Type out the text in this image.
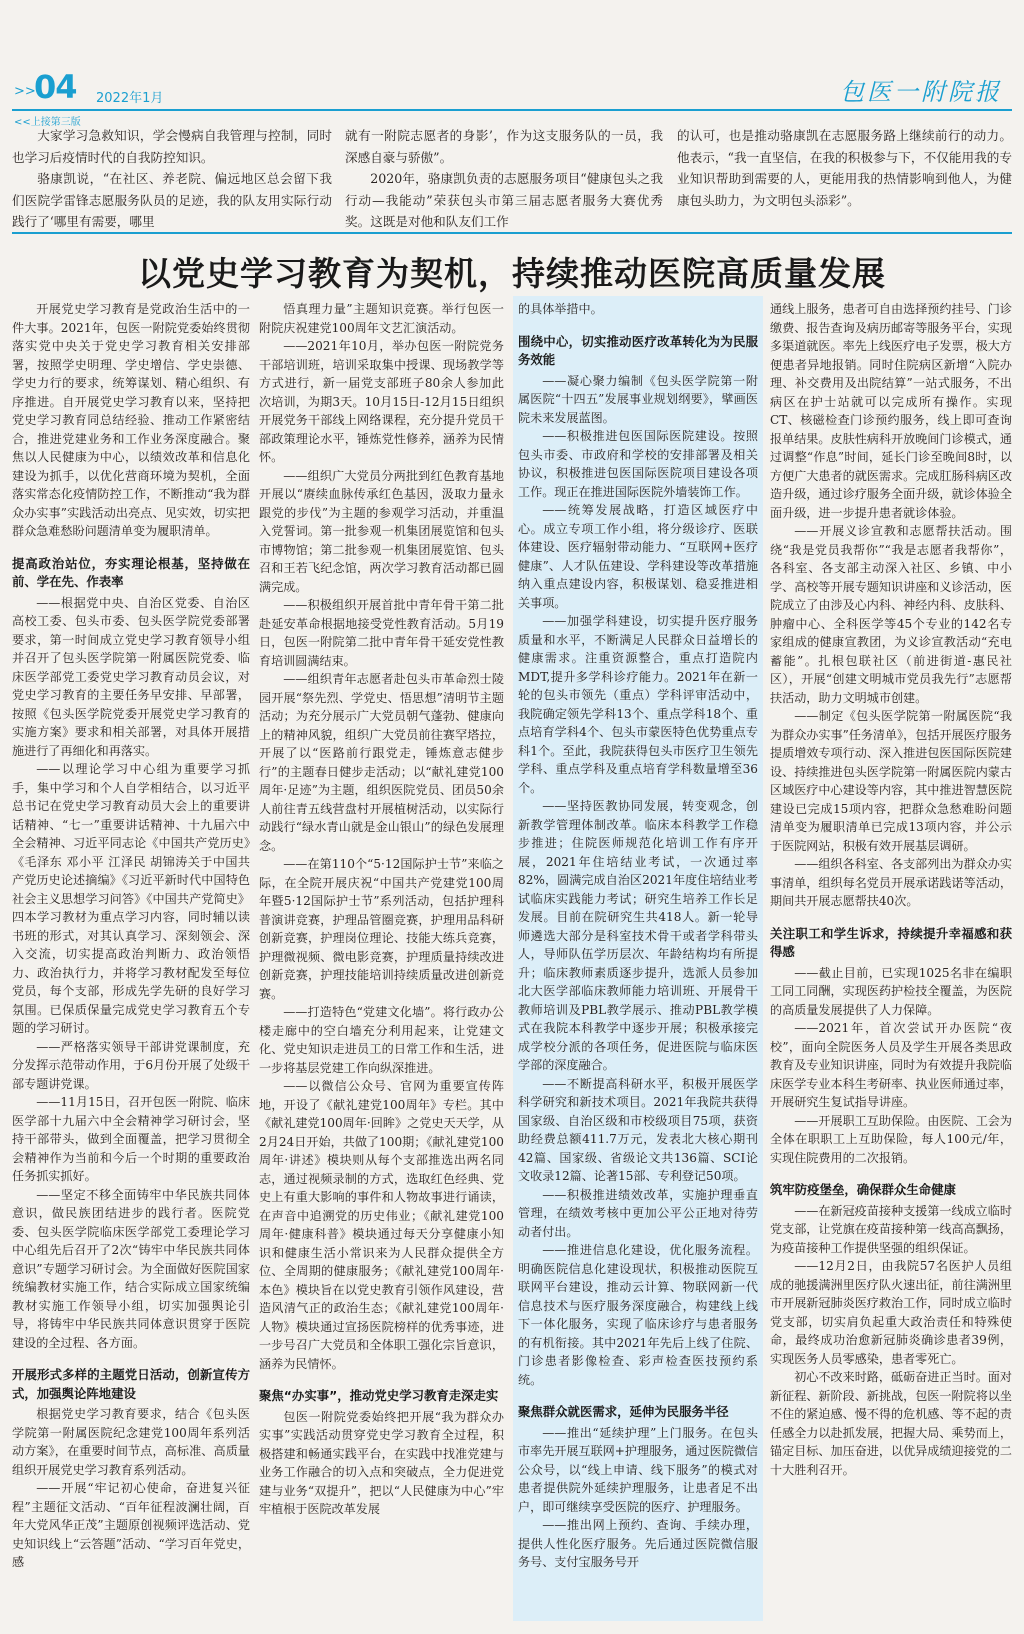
>>
04 2022年1月	包医一附院报
<<上接第三版

大家学习急救知识，学会慢病自我管理与控制，同时也学习后疫情时代的自我防控知识。

骆康凯说，“在社区、养老院、偏远地区总会留下我们医院学雷锋志愿服务队员的足迹，我的队友用实际行动践行了‘哪里有需要，哪里

就有一附院志愿者的身影’，作为这支服务队的一员，我深感自豪与骄傲”。

2020年，骆康凯负责的志愿服务项目“健康包头之我行动—我能动”荣获包头市第三届志愿者服务大赛优秀奖。这既是对他和队友们工作

的认可，也是推动骆康凯在志愿服务路上继续前行的动力。他表示，“我一直坚信，在我的积极参与下，不仅能用我的专业知识帮助到需要的人，更能用我的热情影响到他人，为健康包头助力，为文明包头添彩”。

以党史学习教育为契机，持续推动医院高质量发展

开展党史学习教育是党政治生活中的一件大事。2021年，包医一附院党委始终贯彻落实党中央关于党史学习教育相关安排部署，按照学史明理、学史增信、学史崇德、学史力行的要求，统筹谋划、精心组织、有序推进。自开展党史学习教育以来，坚持把党史学习教育同总结经验、推动工作紧密结合，推进党建业务和工作业务深度融合。聚焦以人民健康为中心，以绩效改革和信息化建设为抓手，以优化营商环境为契机，全面落实常态化疫情防控工作，不断推动“我为群众办实事”实践活动出亮点、见实效，切实把群众急难愁盼问题清单变为履职清单。

提高政治站位，夯实理论根基，坚持做在前、学在先、作表率

——根据党中央、自治区党委、自治区高校工委、包头市委、包头医学院党委部署要求，第一时间成立党史学习教育领导小组并召开了包头医学院第一附属医院党委、临床医学部党工委党史学习教育动员会议，对党史学习教育的主要任务早安排、早部署，按照《包头医学院党委开展党史学习教育的实施方案》要求和相关部署，对具体开展措施进行了再细化和再落实。

——以理论学习中心组为重要学习抓手，集中学习和个人自学相结合，以习近平总书记在党史学习教育动员大会上的重要讲话精神、“七一”重要讲话精神、十九届六中全会精神、习近平同志论《中国共产党历史》《毛泽东 邓小平 江泽民 胡锦涛关于中国共产党历史论述摘编》《习近平新时代中国特色社会主义思想学习问答》《中国共产党简史》四本学习教材为重点学习内容，同时辅以读书班的形式，对其认真学习、深刻领会、深入交流，切实提高政治判断力、政治领悟力、政治执行力，并将学习教材配发至每位党员，每个支部，形成先学先研的良好学习氛围。已保质保量完成党史学习教育五个专题的学习研讨。

——严格落实领导干部讲党课制度，充分发挥示范带动作用，于6月份开展了处级干部专题讲党课。

——11月15日，召开包医一附院、临床医学部十九届六中全会精神学习研讨会，坚持干部带头，做到全面覆盖，把学习贯彻全会精神作为当前和今后一个时期的重要政治任务抓实抓好。

——坚定不移全面铸牢中华民族共同体意识，做民族团结进步的践行者。医院党委、包头医学院临床医学部党工委理论学习中心组先后召开了2次“铸牢中华民族共同体意识”专题学习研讨会。为全面做好医院国家统编教材实施工作，结合实际成立国家统编教材实施工作领导小组，切实加强舆论引导，将铸牢中华民族共同体意识贯穿于医院建设的全过程、各方面。

开展形式多样的主题党日活动，创新宣传方式，加强舆论阵地建设

根据党史学习教育要求，结合《包头医学院第一附属医院纪念建党100周年系列活动方案》，在重要时间节点，高标准、高质量组织开展党史学习教育系列活动。

——开展“牢记初心使命，奋进复兴征程”主题征文活动、“百年征程波澜壮阔，百年大党风华正茂”主题原创视频评选活动、党史知识线上“云答题”活动、“学习百年党史，感

悟真理力量”主题知识竞赛。举行包医一附院庆祝建党100周年文艺汇演活动。

——2021年10月，举办包医一附院党务干部培训班，培训采取集中授课、现场教学等方式进行，新一届党支部班子80余人参加此次培训，为期3天。10月15日-12月15日组织开展党务干部线上网络课程，充分提升党员干部政策理论水平，锤炼党性修养，涵养为民情怀。

——组织广大党员分两批到红色教育基地开展以“赓续血脉传承红色基因，汲取力量永跟党的步伐”为主题的参观学习活动，并重温入党誓词。第一批参观一机集团展览馆和包头市博物馆；第二批参观一机集团展览馆、包头召和王若飞纪念馆，两次学习教育活动都已圆满完成。

——积极组织开展首批中青年骨干第二批赴延安革命根据地接受党性教育活动。5月19日，包医一附院第二批中青年骨干延安党性教育培训圆满结束。

——组织青年志愿者赴包头市革命烈士陵园开展“祭先烈、学党史、悟思想”清明节主题活动；为充分展示广大党员朝气蓬勃、健康向上的精神风貌，组织广大党员前往赛罕塔拉，开展了以“医路前行跟党走，锤炼意志健步行”的主题春日健步走活动；以“献礼建党100周年·足迹”为主题，组织医院党员、团员50余人前往青五线营盘村开展植树活动，以实际行动践行“绿水青山就是金山银山”的绿色发展理念。

——在第110个“5·12国际护士节”来临之际，在全院开展庆祝“中国共产党建党100周年暨5·12国际护士节”系列活动，包括护理科普演讲竞赛，护理品管圈竞赛，护理用品科研创新竞赛，护理岗位理论、技能大练兵竞赛，护理微视频、微电影竞赛，护理质量持续改进创新竞赛，护理技能培训持续质量改进创新竞赛。

——打造特色“党建文化墙”。将行政办公楼走廊中的空白墙充分利用起来，让党建文化、党史知识走进员工的日常工作和生活，进一步将基层党建工作向纵深推进。

——以微信公众号、官网为重要宣传阵地，开设了《献礼建党100周年》专栏。其中《献礼建党100周年·回眸》之党史天天学，从2月24日开始，共做了100期；《献礼建党100周年·讲述》模块则从每个支部推选出两名同志，通过视频录制的方式，选取红色经典、党史上有重大影响的事件和人物故事进行诵读，在声音中追溯党的历史伟业；《献礼建党100周年·健康科普》模块通过每天分享健康小知识和健康生活小常识来为人民群众提供全方位、全周期的健康服务；《献礼建党100周年·本色》模块旨在以党史教育引领作风建设，营造风清气正的政治生态；《献礼建党100周年·人物》模块通过宣扬医院榜样的优秀事迹，进一步号召广大党员和全体职工强化宗旨意识，涵养为民情怀。

聚焦“办实事”，推动党史学习教育走深走实

包医一附院党委始终把开展“我为群众办实事”实践活动贯穿党史学习教育全过程，积极搭建和畅通实践平台，在实践中找准党建与业务工作融合的切入点和突破点，全力促进党建与业务“双提升”，把以“人民健康为中心”牢牢植根于医院改革发展

的具体举措中。

围绕中心，切实推动医疗改革转化为为民服务效能

——凝心聚力编制《包头医学院第一附属医院“十四五”发展事业规划纲要》，擘画医院未来发展蓝图。

——积极推进包医国际医院建设。按照包头市委、市政府和学校的安排部署及相关协议，积极推进包医国际医院项目建设各项工作。现正在推进国际医院外墙装饰工作。

——统筹发展战略，打造区域医疗中心。成立专项工作小组，将分级诊疗、医联体建设、医疗辐射带动能力、“互联网+医疗健康”、人才队伍建设、学科建设等改革措施纳入重点建设内容，积极谋划、稳妥推进相关事项。

——加强学科建设，切实提升医疗服务质量和水平，不断满足人民群众日益增长的健康需求。注重资源整合，重点打造院内MDT,提升多学科诊疗能力。2021年在新一轮的包头市领先（重点）学科评审活动中，我院确定领先学科13个、重点学科18个、重点培育学科4个、包头市蒙医特色优势重点专科1个。至此，我院获得包头市医疗卫生领先学科、重点学科及重点培育学科数量增至36个。

——坚持医教协同发展，转变观念，创新教学管理体制改革。临床本科教学工作稳步推进；住院医师规范化培训工作有序开展，2021年住培结业考试，一次通过率82%，圆满完成自治区2021年度住培结业考试临床实践能力考试；研究生培养工作长足发展。目前在院研究生共418人。新一轮导师遴选大部分是科室技术骨干或者学科带头人，导师队伍学历层次、年龄结构均有所提升；临床教师素质逐步提升，选派人员参加北大医学部临床教师能力培训班、开展骨干教师培训及PBL教学展示、推动PBL教学模式在我院本科教学中逐步开展；积极承接完成学校分派的各项任务，促进医院与临床医学部的深度融合。

——不断提高科研水平，积极开展医学科学研究和新技术项目。2021年我院共获得国家级、自治区级和市校级项目75项，获资助经费总额411.7万元，发表北大核心期刊42篇、国家级、省级论文共136篇、SCI论文收录12篇、论著15部、专利登记50项。

——积极推进绩效改革，实施护理垂直管理，在绩效考核中更加公平公正地对待劳动者付出。

——推进信息化建设，优化服务流程。明确医院信息化建设现状，积极推动医院互联网平台建设，推动云计算、物联网新一代信息技术与医疗服务深度融合，构建线上线下一体化服务，实现了临床诊疗与患者服务的有机衔接。其中2021年先后上线了住院、门诊患者影像检查、彩声检查医技预约系统。

聚焦群众就医需求，延伸为民服务半径

——推出“延续护理”上门服务。在包头市率先开展互联网+护理服务，通过医院微信公众号，以“线上申请、线下服务”的模式对患者提供院外延续护理服务，让患者足不出户，即可继续享受医院的医疗、护理服务。

——推出网上预约、查询、手续办理，提供人性化医疗服务。先后通过医院微信服务号、支付宝服务号开

通线上服务，患者可自由选择预约挂号、门诊缴费、报告查询及病历邮寄等服务平台，实现多渠道就医。率先上线医疗电子发票，极大方便患者异地报销。同时住院病区新增“入院办理、补交费用及出院结算”一站式服务，不出病区在护士站就可以完成所有操作。实现CT、核磁检查门诊预约服务，线上即可查询报单结果。皮肤性病科开放晚间门诊模式，通过调整“作息”时间，延长门诊至晚间8时，以方便广大患者的就医需求。完成肛肠科病区改造升级，通过诊疗服务全面升级，就诊体验全面升级，进一步提升患者就诊体验。

——开展义诊宣教和志愿帮扶活动。围绕“我是党员我帮你”“我是志愿者我帮你”，各科室、各支部主动深入社区、乡镇、中小学、高校等开展专题知识讲座和义诊活动，医院成立了由涉及心内科、神经内科、皮肤科、肿瘤中心、全科医学等45个专业的142名专家组成的健康宣教团，为义诊宣教活动“充电蓄能”。扎根包联社区（前进街道-惠民社区），开展“创建文明城市党员我先行”志愿帮扶活动，助力文明城市创建。

——制定《包头医学院第一附属医院“我为群众办实事”任务清单》，包括开展医疗服务提质增效专项行动、深入推进包医国际医院建设、持续推进包头医学院第一附属医院内蒙古区域医疗中心建设等内容，其中推进智慧医院建设已完成15项内容，把群众急愁难盼问题清单变为履职清单已完成13项内容，并公示于医院网站，积极有效开展基层调研。

——组织各科室、各支部列出为群众办实事清单，组织每名党员开展承诺践诺等活动，期间共开展志愿帮扶40次。

关注职工和学生诉求，持续提升幸福感和获得感

——截止目前，已实现1025名非在编职工同工同酬，实现医药护检技全覆盖，为医院的高质量发展提供了人力保障。

——2021年，首次尝试开办医院“夜校”，面向全院医务人员及学生开展各类思政教育及专业知识讲座，同时为有效提升我院临床医学专业本科生考研率、执业医师通过率，开展研究生复试指导讲座。

——开展职工互助保险。由医院、工会为全体在职职工上互助保险，每人100元/年，实现住院费用的二次报销。

筑牢防疫堡垒，确保群众生命健康

——在新冠疫苗接种支援第一线成立临时党支部，让党旗在疫苗接种第一线高高飘扬，为疫苗接种工作提供坚强的组织保证。

——12月2日，由我院57名医护人员组成的驰援满洲里医疗队火速出征，前往满洲里市开展新冠肺炎医疗救治工作，同时成立临时党支部，切实肩负起重大政治责任和特殊使命，最终成功治愈新冠肺炎确诊患者39例，实现医务人员零感染，患者零死亡。

初心不改来时路，砥砺奋进正当时。面对新征程、新阶段、新挑战，包医一附院将以坐不住的紧迫感、慢不得的危机感、等不起的责任感全力以赴抓发展，把握大局、乘势而上，锚定目标、加压奋进，以优异成绩迎接党的二十大胜利召开。
